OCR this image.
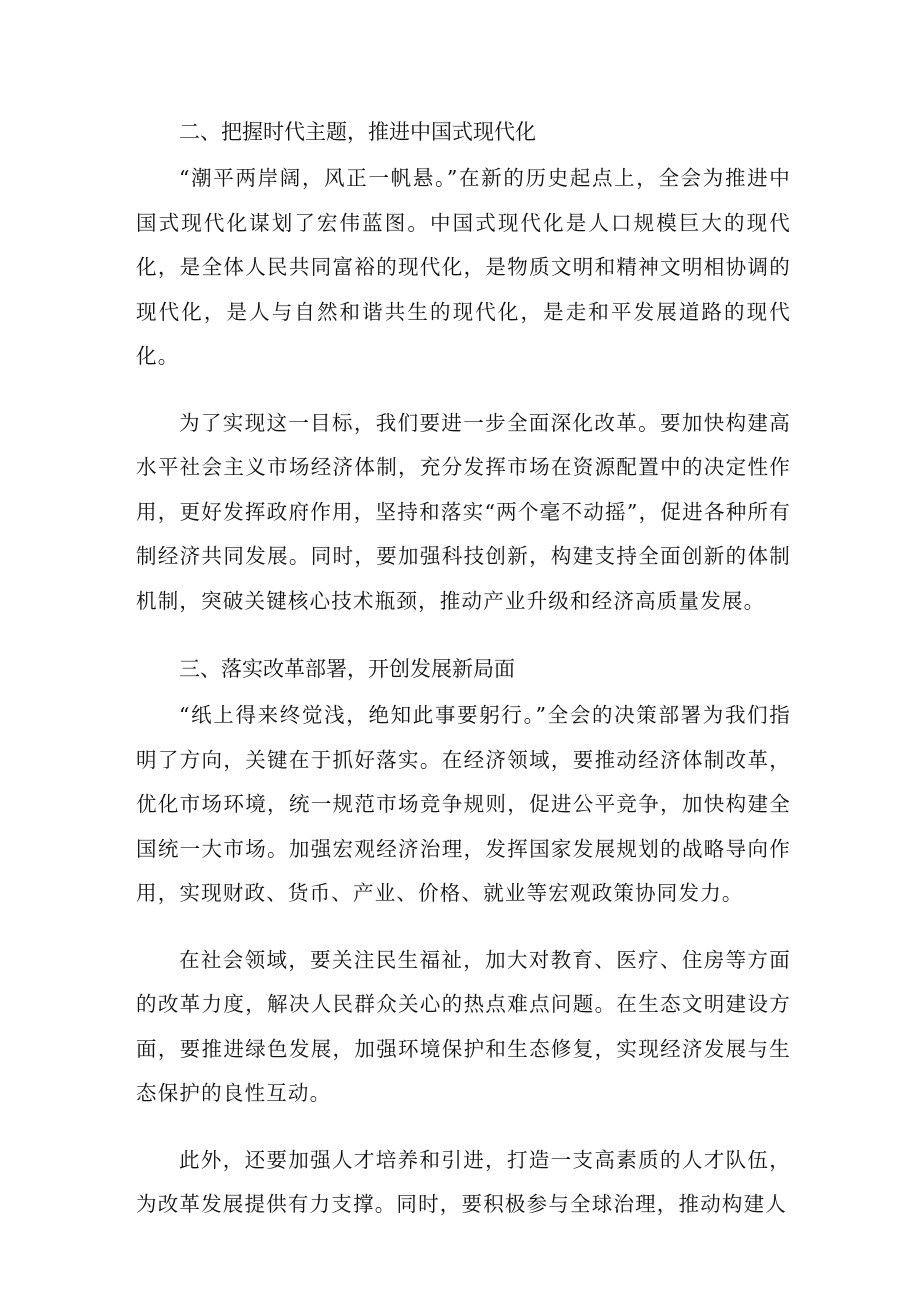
二、把握时代主题，推进中国式现代化

“潮平两岸阔，风正一帆悬。”在新的历史起点上，全会为推进中国式现代化谋划了宏伟蓝图。中国式现代化是人口规模巨大的现代化，是全体人民共同富裕的现代化，是物质文明和精神文明相协调的现代化，是人与自然和谐共生的现代化，是走和平发展道路的现代化。

为了实现这一目标，我们要进一步全面深化改革。要加快构建高水平社会主义市场经济体制，充分发挥市场在资源配置中的决定性作用，更好发挥政府作用，坚持和落实“两个毫不动摇”，促进各种所有制经济共同发展。同时，要加强科技创新，构建支持全面创新的体制机制，突破关键核心技术瓶颈，推动产业升级和经济高质量发展。

三、落实改革部署，开创发展新局面

“纸上得来终觉浅，绝知此事要躬行。”全会的决策部署为我们指明了方向，关键在于抓好落实。在经济领域，要推动经济体制改革，优化市场环境，统一规范市场竞争规则，促进公平竞争，加快构建全国统一大市场。加强宏观经济治理，发挥国家发展规划的战略导向作用，实现财政、货币、产业、价格、就业等宏观政策协同发力。

在社会领域，要关注民生福祉，加大对教育、医疗、住房等方面的改革力度，解决人民群众关心的热点难点问题。在生态文明建设方面，要推进绿色发展，加强环境保护和生态修复，实现经济发展与生态保护的良性互动。

此外，还要加强人才培养和引进，打造一支高素质的人才队伍，为改革发展提供有力支撑。同时，要积极参与全球治理，推动构建人
